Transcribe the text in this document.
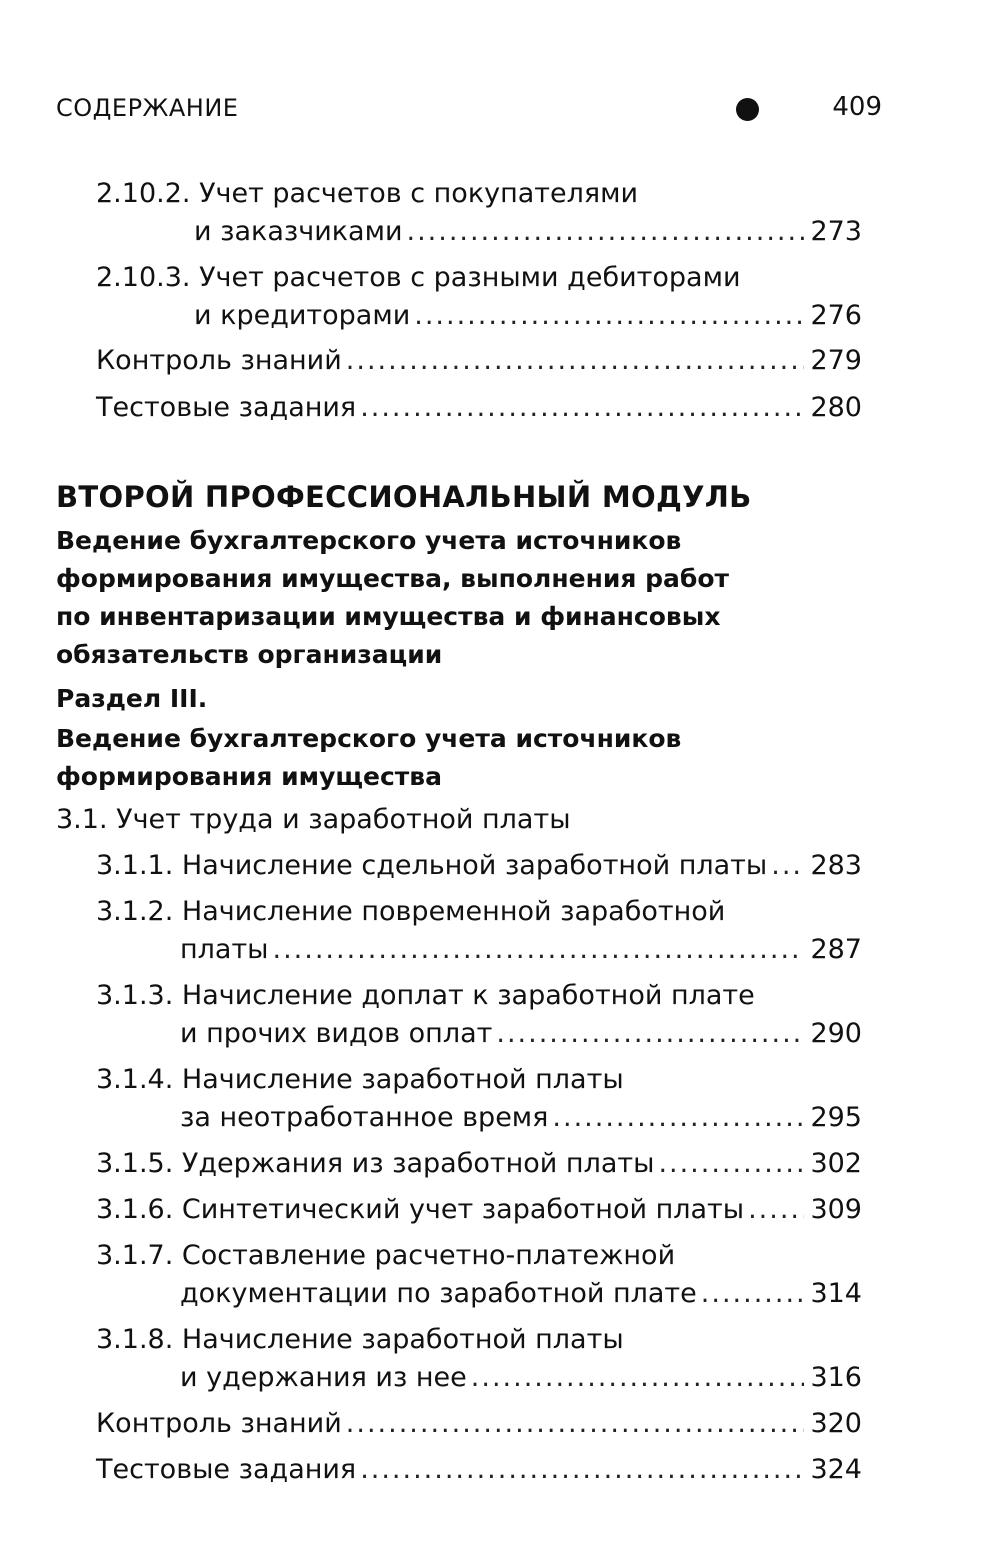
СОДЕРЖАНИЕ	409
2.10.2.
Учет расчетов с покупателями
и заказчиками .....	273
2.10.3.
Учет расчетов с разными дебиторами
и кредиторами .....	276
Контроль знаний .....	279
Тестовые задания .....	280
ВТОРОЙ ПРОФЕССИОНАЛЬНЫЙ МОДУЛЬ
Ведение бухгалтерского учета источников
формирования имущества, выполнения работ
по инвентаризации имущества и финансовых
обязательств организации
Раздел III.
Ведение бухгалтерского учета источников
формирования имущества
3.1.
Учет труда и заработной платы
3.1.1.
Начисление сдельной заработной платы ..... 283
3.1.2.
Начисление повременной заработной
платы .....	287
3.1.3.
Начисление доплат к заработной плате
и прочих видов оплат .....	290
3.1.4.
Начисление заработной платы
за неотработанное время .....	295
3.1.5.
Удержания из заработной платы .....	302
3.1.6.
Синтетический учет заработной платы ..... 309
3.1.7.
Составление расчетно-платежной
документации по заработной плате .....	314
3.1.8.
Начисление заработной платы
и удержания из нее .....	316
Контроль знаний .....	320
Тестовые задания .....	324
